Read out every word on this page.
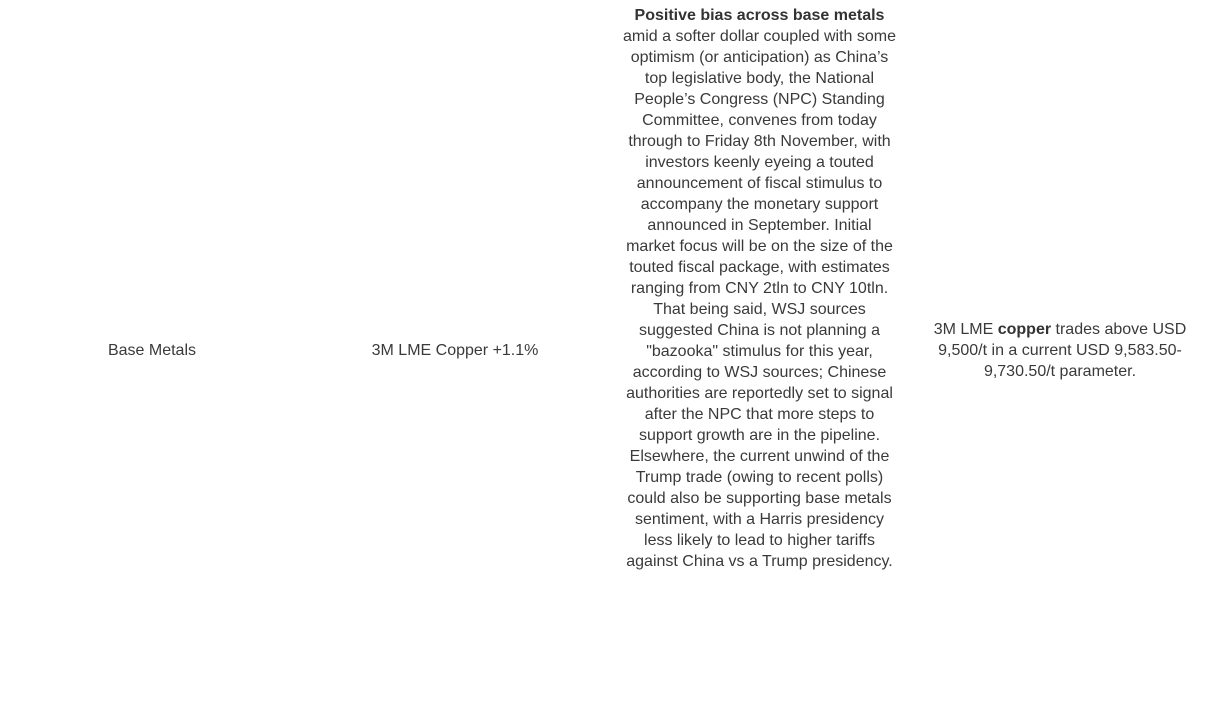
Base Metals	3M LME Copper +1.1%
Positive bias across base metals amid a softer dollar coupled with some optimism (or anticipation) as China’s top legislative body, the National People’s Congress (NPC) Standing Committee, convenes from today through to Friday 8th November, with investors keenly eyeing a touted announcement of fiscal stimulus to accompany the monetary support announced in September. Initial market focus will be on the size of the touted fiscal package, with estimates ranging from CNY 2tln to CNY 10tln. That being said, WSJ sources suggested China is not planning a "bazooka" stimulus for this year, according to WSJ sources; Chinese authorities are reportedly set to signal after the NPC that more steps to support growth are in the pipeline. Elsewhere, the current unwind of the Trump trade (owing to recent polls) could also be supporting base metals sentiment, with a Harris presidency less likely to lead to higher tariffs against China vs a Trump presidency.
3M LME copper trades above USD 9,500/t in a current USD 9,583.50- 9,730.50/t parameter.
